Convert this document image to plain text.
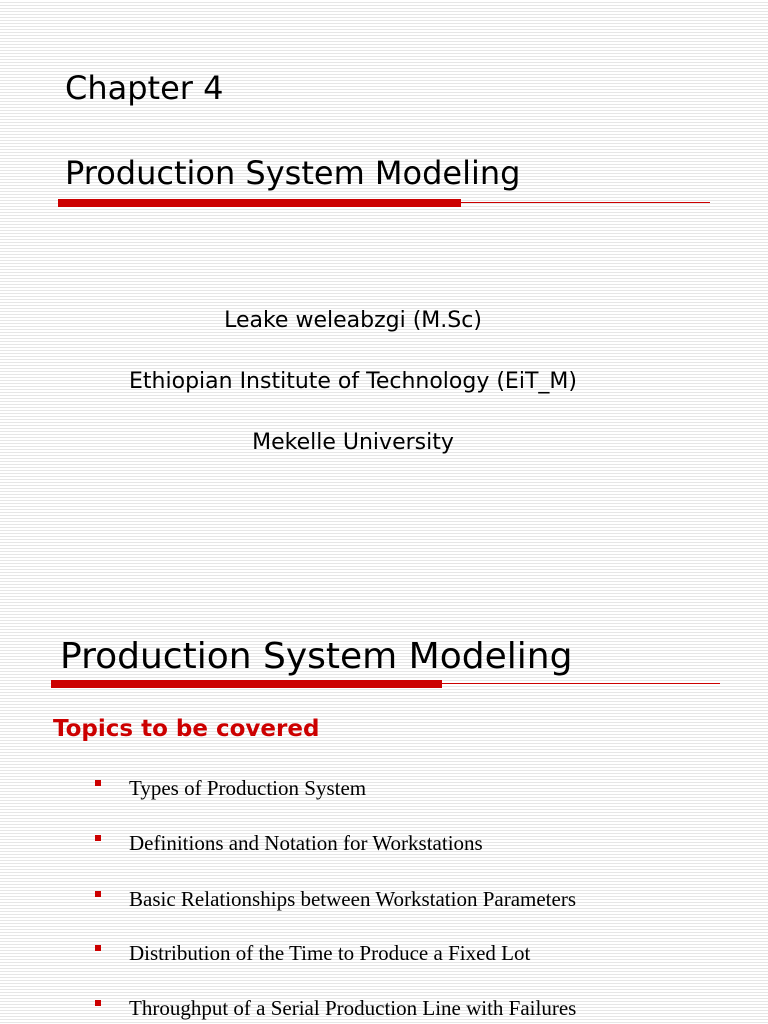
Chapter 4
Production System Modeling
Leake weleabzgi (M.Sc)
Ethiopian Institute of Technology (EiT_M)
Mekelle University
Production System Modeling
Topics to be covered
Types of Production System
Definitions and Notation for Workstations
Basic Relationships between Workstation Parameters
Distribution of the Time to Produce a Fixed Lot
Throughput of a Serial Production Line with Failures
